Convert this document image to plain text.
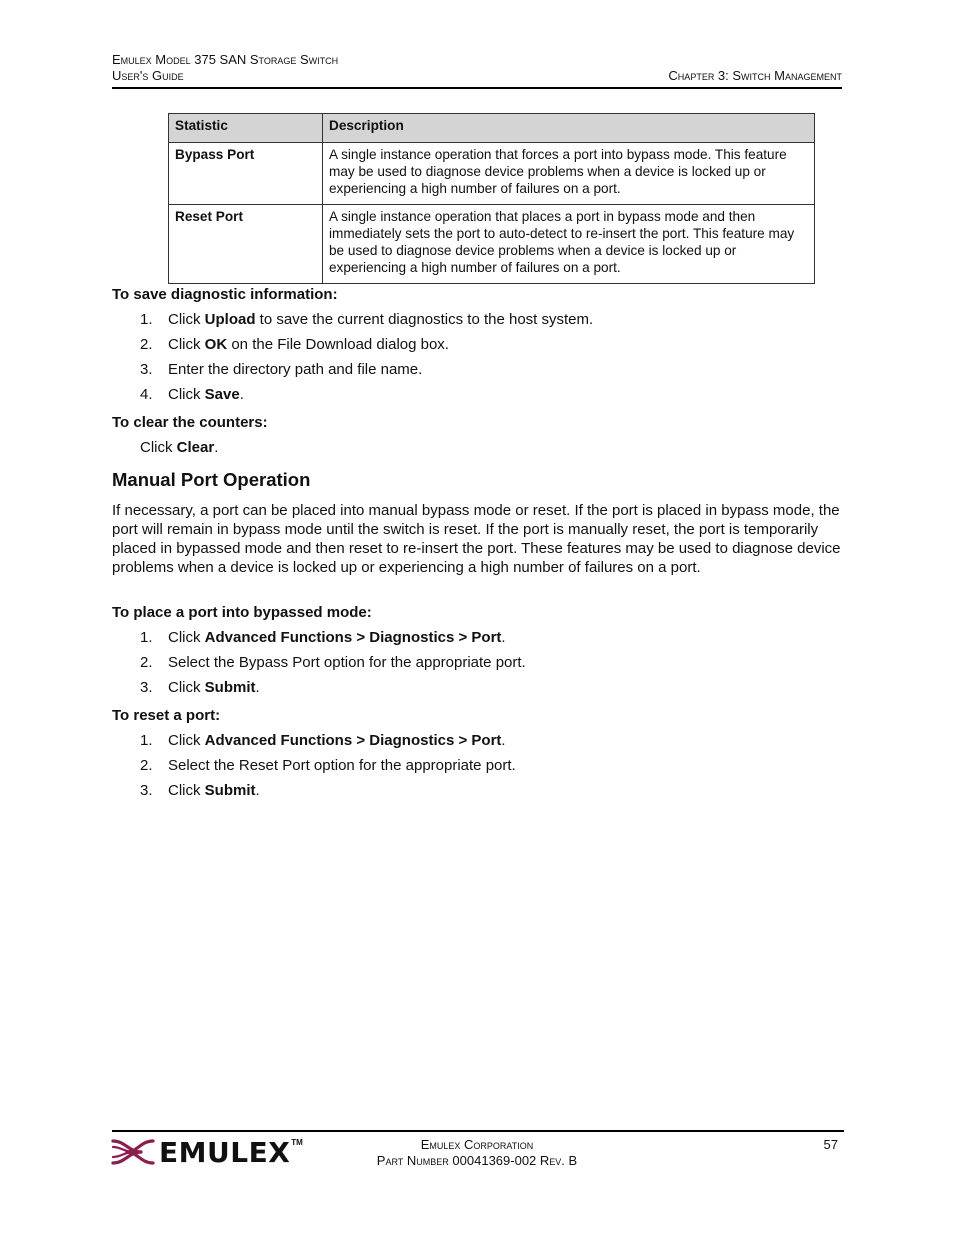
Emulex Model 375 SAN Storage Switch
User's Guide	Chapter 3: Switch Management
Statistic	Description
Bypass Port	A single instance operation that forces a port into bypass mode. This feature may be used to diagnose device problems when a device is locked up or experiencing a high number of failures on a port.
Reset Port	A single instance operation that places a port in bypass mode and then immediately sets the port to auto-detect to re-insert the port. This feature may be used to diagnose device problems when a device is locked up or experiencing a high number of failures on a port.
To save diagnostic information:
1. Click Upload to save the current diagnostics to the host system.
2. Click OK on the File Download dialog box.
3. Enter the directory path and file name.
4. Click Save.
To clear the counters:
Click Clear.
Manual Port Operation
If necessary, a port can be placed into manual bypass mode or reset. If the port is placed in bypass mode, the port will remain in bypass mode until the switch is reset. If the port is manually reset, the port is temporarily placed in bypassed mode and then reset to re-insert the port. These features may be used to diagnose device problems when a device is locked up or experiencing a high number of failures on a port.
To place a port into bypassed mode:
1. Click Advanced Functions > Diagnostics > Port.
2. Select the Bypass Port option for the appropriate port.
3. Click Submit.
To reset a port:
1. Click Advanced Functions > Diagnostics > Port.
2. Select the Reset Port option for the appropriate port.
3. Click Submit.
EMULEX TM	Emulex Corporation
Part Number 00041369-002 Rev. B
57
